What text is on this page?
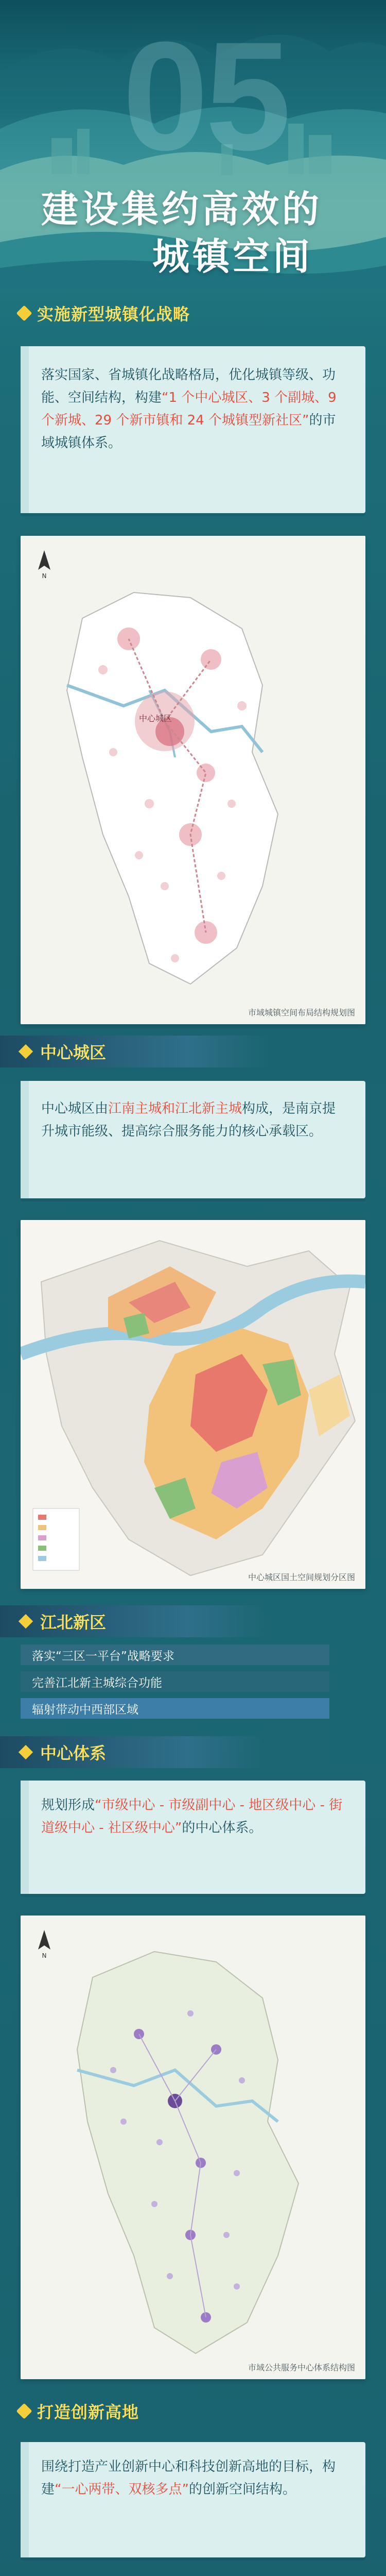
05
建设集约高效的
城镇空间
实施新型城镇化战略
落实国家、省城镇化战略格局，优化城镇等级、功能、空间结构，构建“1 个中心城区、3 个副城、9 个新城、29 个新市镇和 24 个城镇型新社区”的市域城镇体系。
中心城区
N
市域城镇空间布局结构规划图
中心城区
中心城区由江南主城和江北新主城构成，是南京提升城市能级、提高综合服务能力的核心承载区。
中心城区国土空间规划分区图
江北新区
落实“三区一平台”战略要求
完善江北新主城综合功能
辐射带动中西部区域
中心体系
规划形成“市级中心 - 市级副中心 - 地区级中心 - 街道级中心 - 社区级中心”的中心体系。
N
市域公共服务中心体系结构图
打造创新高地
围绕打造产业创新中心和科技创新高地的目标，构建“一心两带、双核多点”的创新空间结构。
